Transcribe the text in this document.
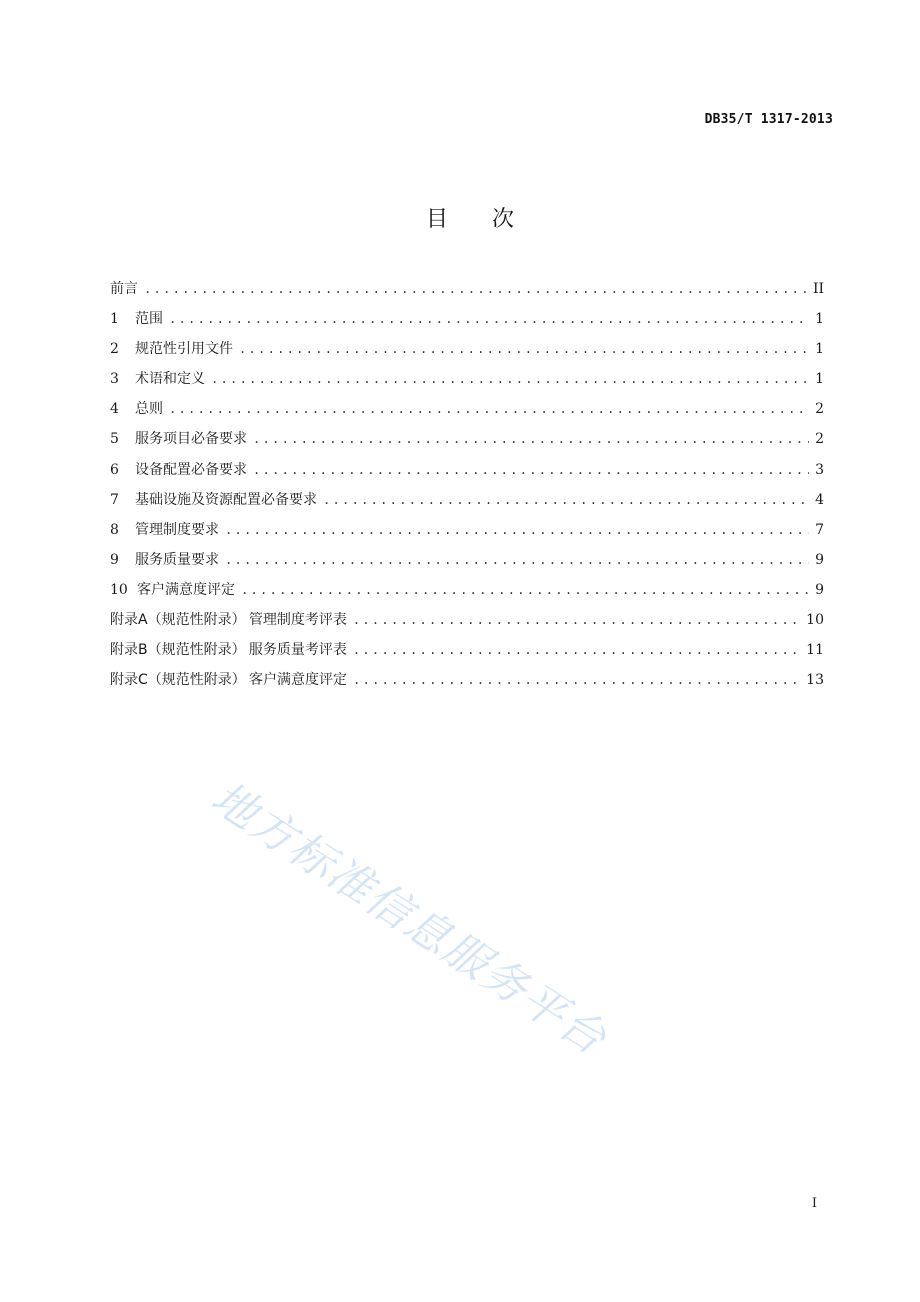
DB35/T 1317-2013
目 次
前言 .....	II
1	范围 .....	1
2	规范性引用文件 .....	1
3	术语和定义 .....	1
4	总则 .....	2
5	服务项目必备要求 .....	2
6	设备配置必备要求 .....	3
7	基础设施及资源配置必备要求 .....	4
8	管理制度要求 .....	7
9	服务质量要求 .....	9
10 客户满意度评定 .....	9
附录A（规范性附录） 管理制度考评表 .....	10
附录B（规范性附录） 服务质量考评表 .....	11
附录C（规范性附录） 客户满意度评定 .....	13
地方标准信息服务平台
I
